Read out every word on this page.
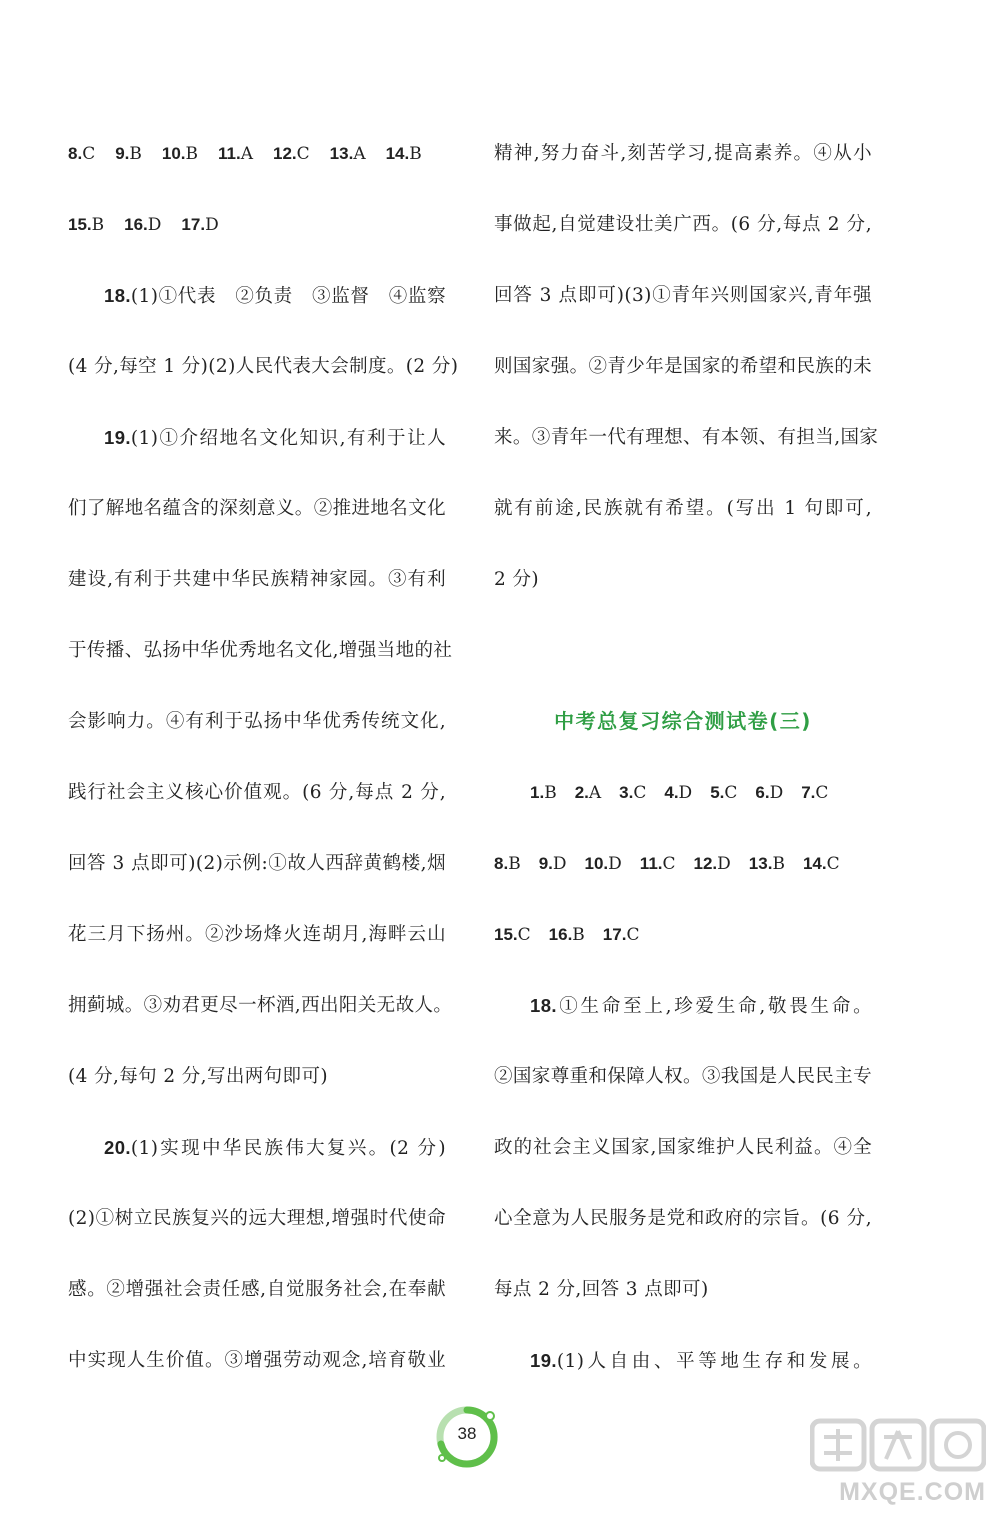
8.C 9.B 10.B 11.A 12.C 13.A 14.B
15.B 16.D 17.D
18.(1)①代表　②负责　③监督　④监察
(4 分,每空 1 分)(2)人民代表大会制度。(2 分)
19.(1)①介绍地名文化知识,有利于让人
们了解地名蕴含的深刻意义。②推进地名文化
建设,有利于共建中华民族精神家园。③有利
于传播、弘扬中华优秀地名文化,增强当地的社
会影响力。④有利于弘扬中华优秀传统文化,
践行社会主义核心价值观。(6 分,每点 2 分,
回答 3 点即可)(2)示例:①故人西辞黄鹤楼,烟
花三月下扬州。②沙场烽火连胡月,海畔云山
拥蓟城。③劝君更尽一杯酒,西出阳关无故人。
(4 分,每句 2 分,写出两句即可)
20.(1)实现中华民族伟大复兴。(2 分)
(2)①树立民族复兴的远大理想,增强时代使命
感。②增强社会责任感,自觉服务社会,在奉献
中实现人生价值。③增强劳动观念,培育敬业
精神,努力奋斗,刻苦学习,提高素养。④从小
事做起,自觉建设壮美广西。(6 分,每点 2 分,
回答 3 点即可)(3)①青年兴则国家兴,青年强
则国家强。②青少年是国家的希望和民族的未
来。③青年一代有理想、有本领、有担当,国家
就有前途,民族就有希望。(写出 1 句即可,
2 分)
中考总复习综合测试卷(三)
1.B 2.A 3.C 4.D 5.C 6.D 7.C
8.B 9.D 10.D 11.C 12.D 13.B 14.C
15.C 16.B 17.C
18.①生命至上,珍爱生命,敬畏生命。
②国家尊重和保障人权。③我国是人民民主专
政的社会主义国家,国家维护人民利益。④全
心全意为人民服务是党和政府的宗旨。(6 分,
每点 2 分,回答 3 点即可)
19.(1)人自由、平等地生存和发展。
38
MXQE.COM
